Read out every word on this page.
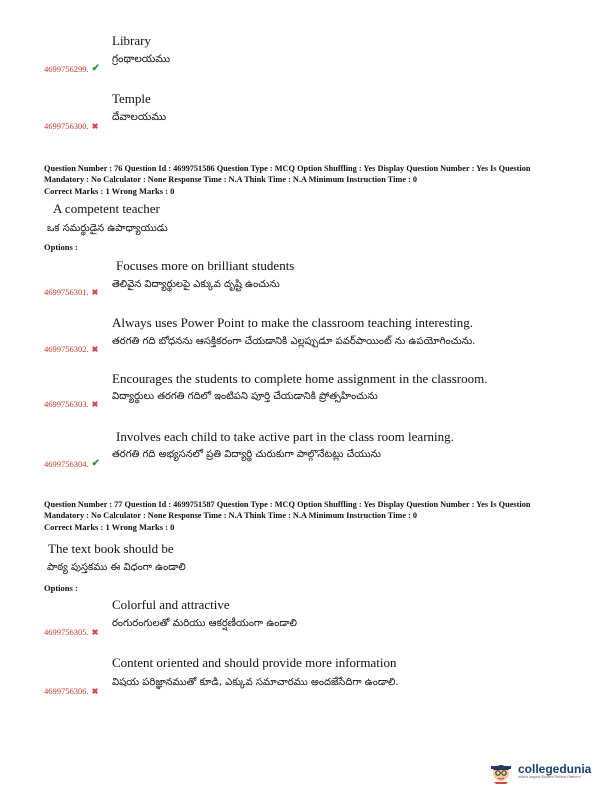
Library
గ్రంథాలయము
4699756299. ✔
Temple
దేవాలయము
4699756300. ✖
Question Number : 76 Question Id : 4699751586 Question Type : MCQ Option Shuffling : Yes Display Question Number : Yes Is Question Mandatory : No Calculator : None Response Time : N.A Think Time : N.A Minimum Instruction Time : 0
Correct Marks : 1 Wrong Marks : 0
A competent teacher
ఒక సమర్థుడైన ఉపాధ్యాయుడు
Options :
Focuses more on brilliant students
తెలివైన విద్యార్థులపై ఎక్కువ దృష్టి ఉంచును
4699756301. ✖
Always uses Power Point to make the classroom teaching interesting.
తరగతి గది బోధనను ఆసక్తికరంగా చేయడానికి ఎల్లప్పుడూ పవర్‌పాయింట్ ను ఉపయోగించును.
4699756302. ✖
Encourages the students to complete home assignment in the classroom.
విద్యార్థులు తరగతి గదిలో ఇంటిపని పూర్తి చేయడానికి ప్రోత్సహించును
4699756303. ✖
Involves each child to take active part in the class room learning.
తరగతి గది అభ్యసనలో ప్రతి విద్యార్థి చురుకుగా పాల్గొనేటట్లు చేయును
4699756304. ✔
Question Number : 77 Question Id : 4699751587 Question Type : MCQ Option Shuffling : Yes Display Question Number : Yes Is Question Mandatory : No Calculator : None Response Time : N.A Think Time : N.A Minimum Instruction Time : 0
Correct Marks : 1 Wrong Marks : 0
The text book should be
పాఠ్య పుస్తకము ఈ విధంగా ఉండాలి
Options :
Colorful and attractive
రంగురంగులతో మరియు ఆకర్షణీయంగా ఉండాలి
4699756305. ✖
Content oriented and should provide more information
విషయ పరిజ్ఞానముతో కూడి, ఎక్కువ సమాచారము అందజేసేదిగా ఉండాలి.
4699756306. ✖
collegedunia
India's largest Student Review Platform
